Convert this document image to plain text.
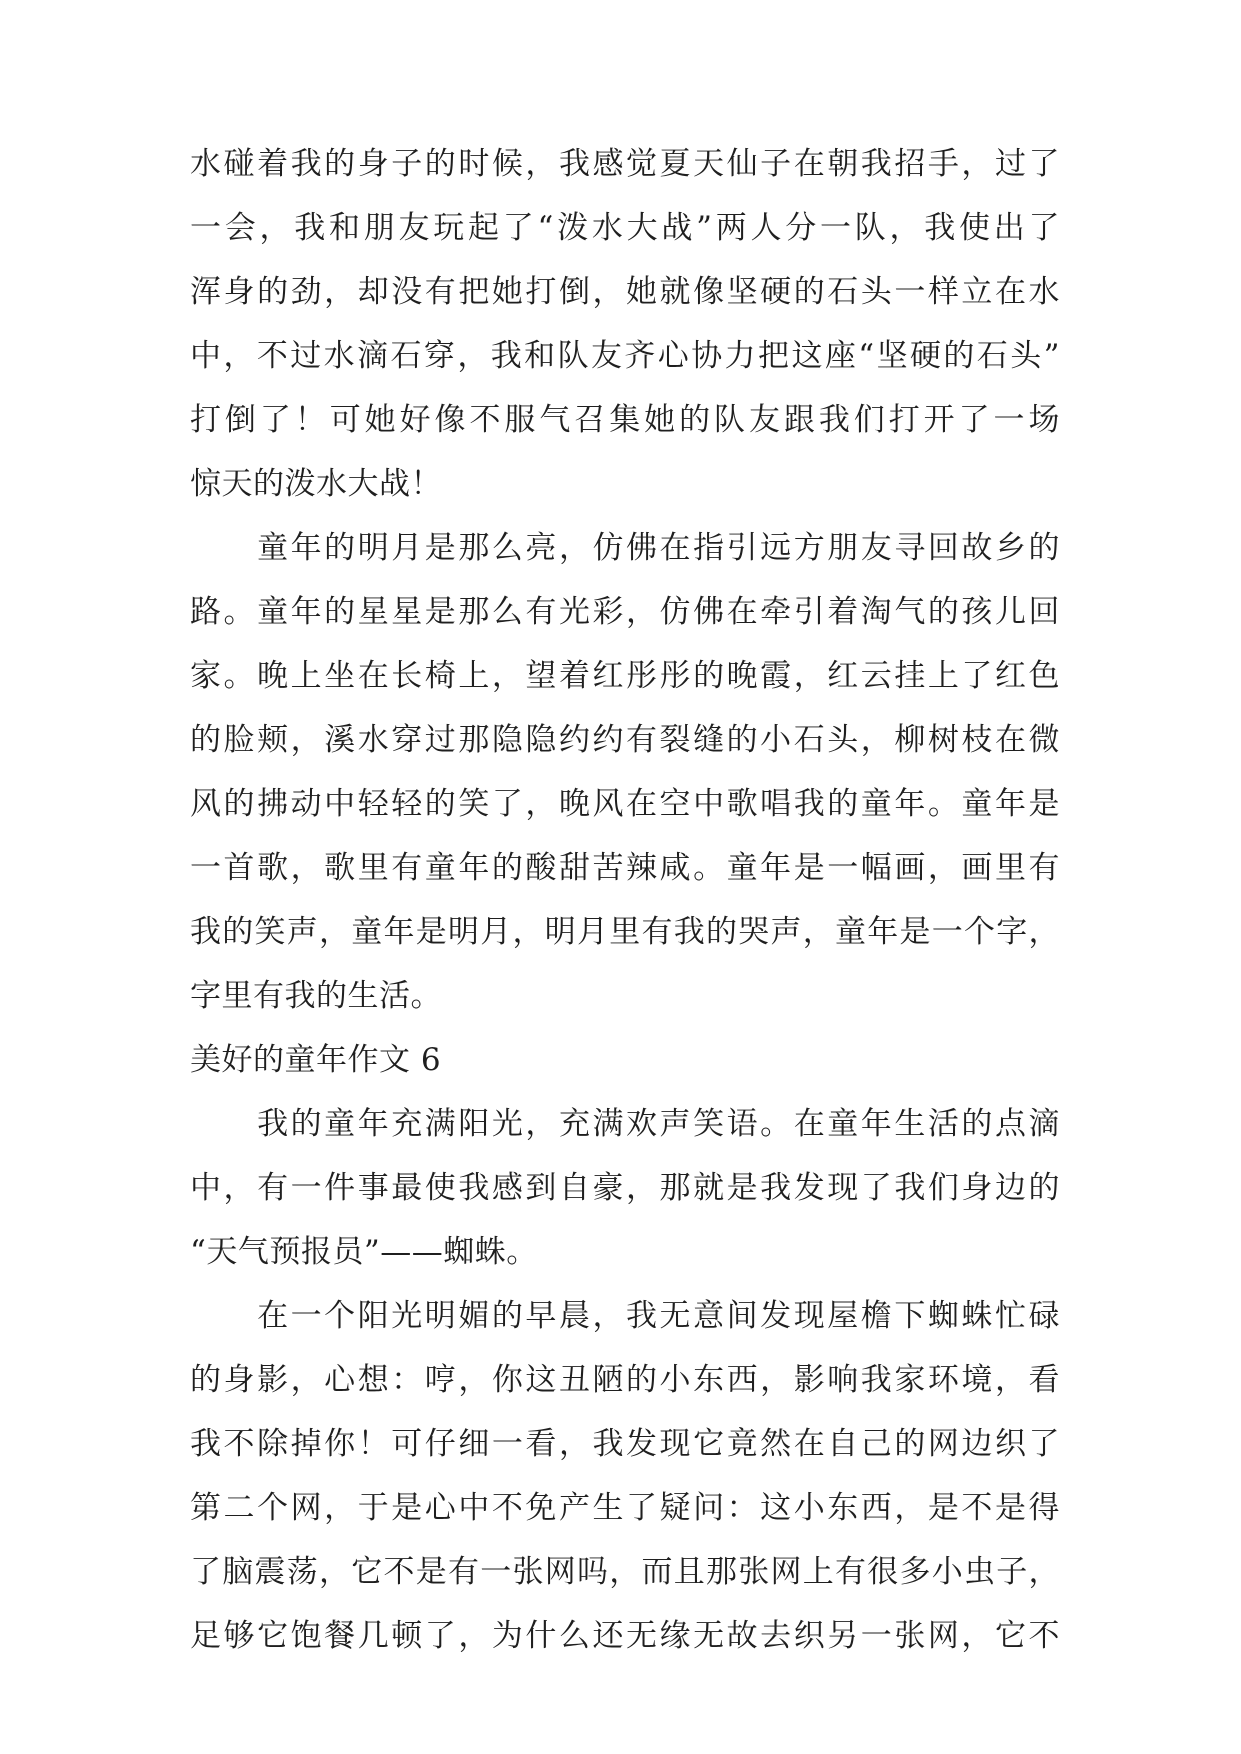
水碰着我的身子的时候，我感觉夏天仙子在朝我招手，过了
一会，我和朋友玩起了“泼水大战”两人分一队，我使出了
浑身的劲，却没有把她打倒，她就像坚硬的石头一样立在水
中，不过水滴石穿，我和队友齐心协力把这座“坚硬的石头”
打倒了！可她好像不服气召集她的队友跟我们打开了一场
惊天的泼水大战！
　　童年的明月是那么亮，仿佛在指引远方朋友寻回故乡的
路。童年的星星是那么有光彩，仿佛在牵引着淘气的孩儿回
家。晚上坐在长椅上，望着红彤彤的晚霞，红云挂上了红色
的脸颊，溪水穿过那隐隐约约有裂缝的小石头，柳树枝在微
风的拂动中轻轻的笑了，晚风在空中歌唱我的童年。童年是
一首歌，歌里有童年的酸甜苦辣咸。童年是一幅画，画里有
我的笑声，童年是明月，明月里有我的哭声，童年是一个字，
字里有我的生活。
美好的童年作文 6
　　我的童年充满阳光，充满欢声笑语。在童年生活的点滴
中，有一件事最使我感到自豪，那就是我发现了我们身边的
“天气预报员”——蜘蛛。
　　在一个阳光明媚的早晨，我无意间发现屋檐下蜘蛛忙碌
的身影，心想：哼，你这丑陋的小东西，影响我家环境，看
我不除掉你！可仔细一看，我发现它竟然在自己的网边织了
第二个网，于是心中不免产生了疑问：这小东西，是不是得
了脑震荡，它不是有一张网吗，而且那张网上有很多小虫子，
足够它饱餐几顿了，为什么还无缘无故去织另一张网，它不
